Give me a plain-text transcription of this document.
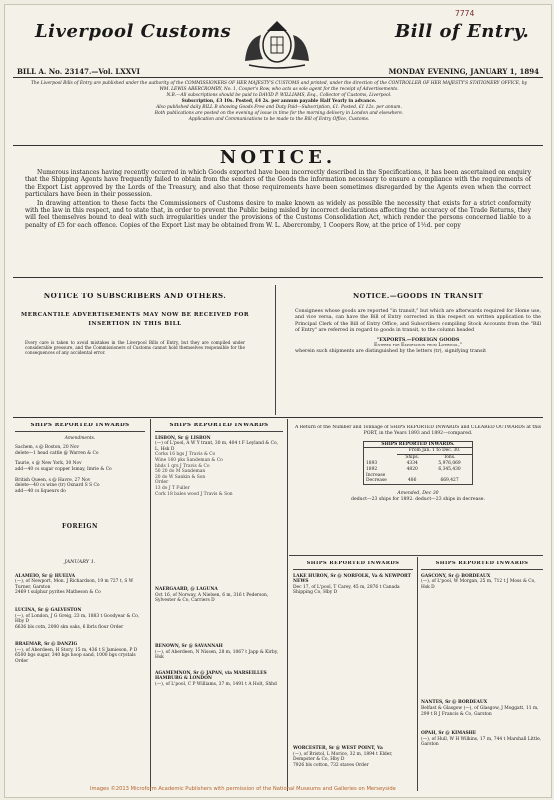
7774
Liverpool Customs	Bill of Entry.
BILL A. No. 23147.—Vol. LXXVI	MONDAY EVENING, JANUARY 1, 1894

The Liverpool Bills of Entry are published under the authority of the COMMISSIONERS OF HER MAJESTY'S CUSTOMS and printed, under the direction of the CONTROLLER OF HER MAJESTY'S STATIONERY OFFICE, by WM. LEWIS ABERCROMBY, No. 1, Cooper's Row, who acts as sole agent for the receipt of Advertisements.

N.B.—All subscriptions should be paid to DAVID P. WILLIAMS, Esq., Collector of Customs, Liverpool.

Subscription, £3 10s. Posted, £4 2s. per annum payable Half Yearly in advance.

Also published daily BILL B showing Goods Free and Duty Paid—Subscription, £1. Posted, £1 12s. per annum.

Both publications are posted on the evening of issue in time for the morning delivery in London and elsewhere.

Application and Communications to be made to the Bill of Entry Office, Customs.

NOTICE.

Numerous instances having recently occurred in which Goods exported have been incorrectly described in the Specifications, it has been ascertained on enquiry that the Shipping Agents have frequently failed to obtain from the senders of the Goods the information necessary to ensure a compliance with the requirements of the Export List approved by the Lords of the Treasury, and also that those requirements have been sometimes disregarded by the Agents even when the correct particulars have been in their possession.

In drawing attention to these facts the Commissioners of Customs desire to make known as widely as possible the necessity that exists for a strict conformity with the law in this respect, and to state that, in order to prevent the Public being misled by incorrect declarations affecting the accuracy of the Trade Returns, they will feel themselves bound to deal with such irregularities under the provisions of the Customs Consolidation Act, which render the persons concerned liable to a penalty of £5 for each offence. Copies of the Export List may be obtained from W. L. Abercromby, 1 Coopers Row, at the price of 1½d. per copy

NOTICE TO SUBSCRIBERS AND OTHERS.
MERCANTILE ADVERTISEMENTS MAY NOW BE RECEIVED FOR
INSERTION IN THIS BILL
Every care is taken to avoid mistakes in the Liverpool Bills of Entry, but they are compiled under considerable pressure, and the Commissioners of Customs cannot hold themselves responsible for the consequences of any accidental error.
NOTICE.—GOODS IN TRANSIT
Consignees whose goods are reported "in transit," but which are afterwards required for Home use, and vice versa, can have the Bill of Entry corrected in this respect on written application to the Principal Clerk of the Bill of Entry Office, and Subscribers compiling Stock Accounts from the "Bill of Entry" are referred in regard to goods in transit, to the column headed
"EXPORTS.—FOREIGN GOODS
Entered for Exportation from Liverpool,"
wherein such shipments are distinguished by the letters (tr), signifying transit
SHIPS REPORTED INWARDS
Amendments.
Sachem, s @ Boston, 20 Nov
delete—1 head cattle @ Warren & Co
Taurie, s @ New York, 30 Nov
add—40 cs sugar copper Ismay, Imrie & Co
British Queen, s @ Havre, 27 Nov
delete—40 cs wine (tr) Oxnard S S Co
add—40 cs liqueurs do
FOREIGN
JANUARY 1.
ALAMEIO, Sr @ HUELVA
(—), of Newport, Mon. J Richardson, 19 m 727 t, S W Turner, Garston
2469 t sulphur pyrites Matheson & Co
LUCINA, Sr @ GALVESTON
(—), of London, J G Greig, 23 m, 1883 t Goodyear & Co, Hby D
6636 bls cotn, 2000 skn oaks, 6 lbrls flour Order
BRAEMAR, Sr @ DANZIG
(—), of Aberdeen, H Story, 15 m, 436 t S Jamieson, P D
6500 bgs sugar, 340 bgs hoop sand, 1000 bgs crystals Order
SHIPS REPORTED INWARDS
LISBON, Sr @ LISBON
(—) of L'pool, A W Y trant, 30 m, 404 t F Leyland & Co, L, Hsk D
Corks 16 bgs J Travis & Co
Wine 160 pks Sandeman & Co
hhds 1 qrs J Travis & Co
50 20 do M Sandeman
20 do W Sankin & Son
Order
13 do J T Fuller
Cork 18 bales wood J Travis & Son
NAERGAARD, @ LAGUNA
Oct 16, of Norway, A Nielsen, 6 m, 316 t Pederson, Sylvester & Co, Carriers D
RENOWN, Sr @ SAVANNAH
(—), of Aberdeen, N Nissen, 28 m, 1067 t Japp & Kirby, Hsk
AGAMEMNON, Sr @ JAPAN, via MARSEILLES HAMBURG & LONDON
(—), of L'pool, C P Williams, 37 m, 1491 t A Holt, Shhd
A Return of the Number and Tonnage of SHIPS REPORTED INWARDS and CLEARED OUTWARDS at this PORT, in the Years 1893 and 1892—compared.
SHIPS REPORTED INWARDS.		
	From Jan. 1 to Dec. 30.	
	Ships.	Tons.
1893	4334	5,976,069
1892	4820	6,345,430
Increase		
Decrease	486	669,427
Amended, Dec 30
deduct—23 ships for 1892. deduct—23 ships in decrease.
SHIPS REPORTED INWARDS
LAKE HURON, Sr @ NORFOLK, Va & NEWPORT NEWS
Dec 17, of L'pool, T Carey, 45 m, 2876 t Canada Shipping Co, Hby D
WORCESTER, Sr @ WEST POINT, Va
(—), of Bristol, L Morice, 32 m, 1894 t Elder, Dempster & Co, Hby D
7926 bls cotton, 732 staves Order
SHIPS REPORTED INWARDS
GASCONY, Sr @ BORDEAUX
(—), of L'pool, W Morgan, 25 m, 712 t J Moss & Co, Hsk D
NANTES, Sr @ BORDEAUX
Belfast & Glasgow (—), of Glasgow, J Moggatt, 11 m, 299 t R J Francis & Co, Garston
OPAH, Sr @ KIMASHE
(—), of Hull, W H Wilkins, 17 m, 744 t Marshall Little, Garston
Images ©2013 Microform Academic Publishers with permission of the National Museums and Galleries on Merseyside
